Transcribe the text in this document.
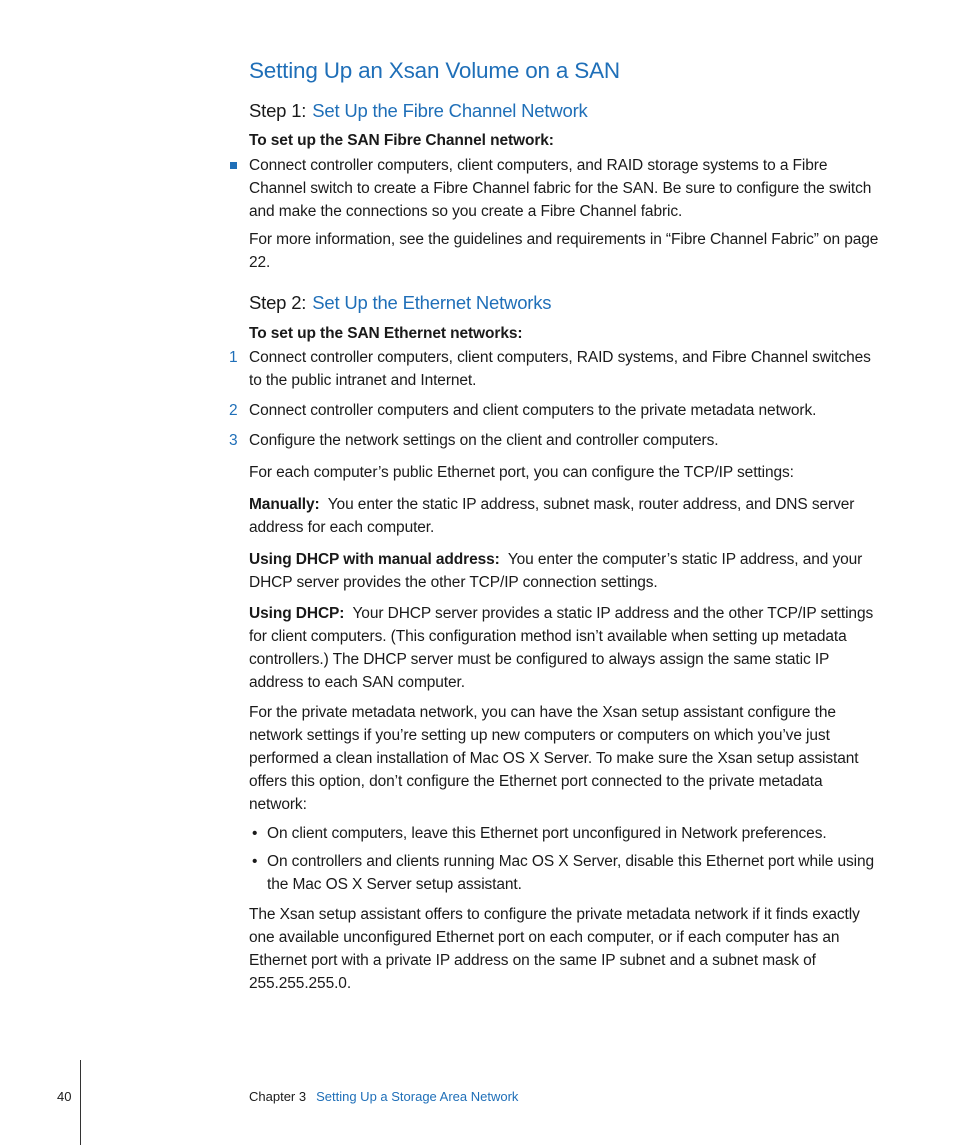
Setting Up an Xsan Volume on a SAN
Step 1: Set Up the Fibre Channel Network

To set up the SAN Fibre Channel network:

Connect controller computers, client computers, and RAID storage systems to a Fibre Channel switch to create a Fibre Channel fabric for the SAN. Be sure to configure the switch and make the connections so you create a Fibre Channel fabric.

For more information, see the guidelines and requirements in “Fibre Channel Fabric” on page 22.

Step 2: Set Up the Ethernet Networks

To set up the SAN Ethernet networks:

1 Connect controller computers, client computers, RAID systems, and Fibre Channel switches to the public intranet and Internet.

2 Connect controller computers and client computers to the private metadata network.

3 Configure the network settings on the client and controller computers.

For each computer’s public Ethernet port, you can configure the TCP/IP settings:

Manually: You enter the static IP address, subnet mask, router address, and DNS server address for each computer.

Using DHCP with manual address: You enter the computer’s static IP address, and your DHCP server provides the other TCP/IP connection settings.

Using DHCP: Your DHCP server provides a static IP address and the other TCP/IP settings for client computers. (This configuration method isn’t available when setting up metadata controllers.) The DHCP server must be configured to always assign the same static IP address to each SAN computer.

For the private metadata network, you can have the Xsan setup assistant configure the network settings if you’re setting up new computers or computers on which you’ve just performed a clean installation of Mac OS X Server. To make sure the Xsan setup assistant offers this option, don’t configure the Ethernet port connected to the private metadata network:

• On client computers, leave this Ethernet port unconfigured in Network preferences.

• On controllers and clients running Mac OS X Server, disable this Ethernet port while using the Mac OS X Server setup assistant.

The Xsan setup assistant offers to configure the private metadata network if it finds exactly one available unconfigured Ethernet port on each computer, or if each computer has an Ethernet port with a private IP address on the same IP subnet and a subnet mask of 255.255.255.0.

40	Chapter 3 Setting Up a Storage Area Network
